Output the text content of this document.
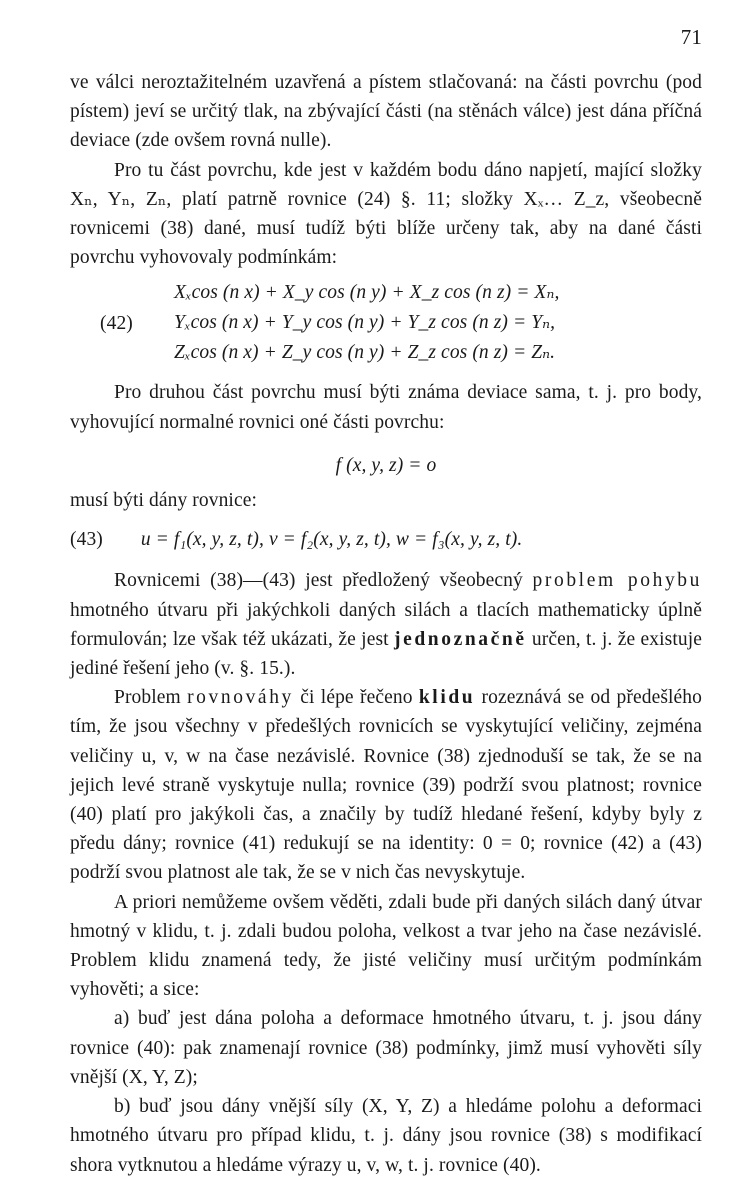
71

ve válci neroztažitelném uzavřená a pístem stlačovaná: na části povrchu (pod pístem) jeví se určitý tlak, na zbývající části (na stěnách válce) jest dána příčná deviace (zde ovšem rovná nulle).

Pro tu část povrchu, kde jest v každém bodu dáno napjetí, mající složky Xₙ, Yₙ, Zₙ, platí patrně rovnice (24) §. 11; složky Xₓ… Z_z, všeobecně rovnicemi (38) dané, musí tudíž býti blíže určeny tak, aby na dané části povrchu vyhovovaly podmínkám:

(42)
Xₓcos (n x) + X_y cos (n y) + X_z cos (n z) = Xₙ,
Yₓcos (n x) + Y_y cos (n y) + Y_z cos (n z) = Yₙ,
Zₓcos (n x) + Z_y cos (n y) + Z_z cos (n z) = Zₙ.

Pro druhou část povrchu musí býti známa deviace sama, t. j. pro body, vyhovující normalné rovnici oné části povrchu:

f (x, y, z) = o

musí býti dány rovnice:

(43) u = f₁(x, y, z, t), v = f₂(x, y, z, t), w = f₃(x, y, z, t).

Rovnicemi (38)—(43) jest předložený všeobecný problem pohybu hmotného útvaru při jakýchkoli daných silách a tlacích mathematicky úplně formulován; lze však též ukázati, že jest jednoznačně určen, t. j. že existuje jediné řešení jeho (v. §. 15.).

Problem rovnováhy či lépe řečeno klidu rozeznává se od předešlého tím, že jsou všechny v předešlých rovnicích se vyskytující veličiny, zejména veličiny u, v, w na čase nezávislé. Rovnice (38) zjednoduší se tak, že se na jejich levé straně vyskytuje nulla; rovnice (39) podrží svou platnost; rovnice (40) platí pro jakýkoli čas, a značily by tudíž hledané řešení, kdyby byly z předu dány; rovnice (41) redukují se na identity: 0 = 0; rovnice (42) a (43) podrží svou platnost ale tak, že se v nich čas nevyskytuje.

A priori nemůžeme ovšem věděti, zdali bude při daných silách daný útvar hmotný v klidu, t. j. zdali budou poloha, velkost a tvar jeho na čase nezávislé. Problem klidu znamená tedy, že jisté veličiny musí určitým podmínkám vyhověti; a sice:

a) buď jest dána poloha a deformace hmotného útvaru, t. j. jsou dány rovnice (40): pak znamenají rovnice (38) podmínky, jimž musí vyhověti síly vnější (X, Y, Z);

b) buď jsou dány vnější síly (X, Y, Z) a hledáme polohu a deformaci hmotného útvaru pro případ klidu, t. j. dány jsou rovnice (38) s modifikací shora vytknutou a hledáme výrazy u, v, w, t. j. rovnice (40).
